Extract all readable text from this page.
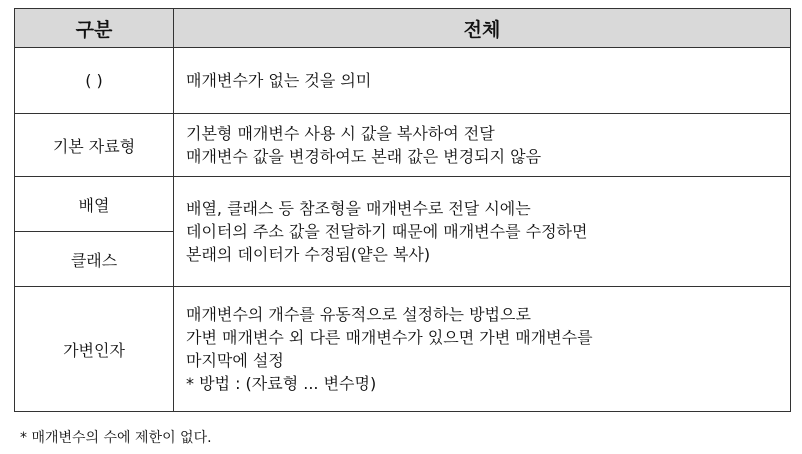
구분	전체
( )	매개변수가 없는 것을 의미

기본 자료형	기본형 매개변수 사용 시 값을 복사하여 전달
매개변수 값을 변경하여도 본래 값은 변경되지 않음

배열	배열, 클래스 등 참조형을 매개변수로 전달 시에는
데이터의 주소 값을 전달하기 때문에 매개변수를 수정하면
본래의 데이터가 수정됨(얕은 복사)

클래스	
가변인자	매개변수의 개수를 유동적으로 설정하는 방법으로
가변 매개변수 외 다른 매개변수가 있으면 가변 매개변수를
마지막에 설정
* 방법 : (자료형 ... 변수명)
* 매개변수의 수에 제한이 없다.
